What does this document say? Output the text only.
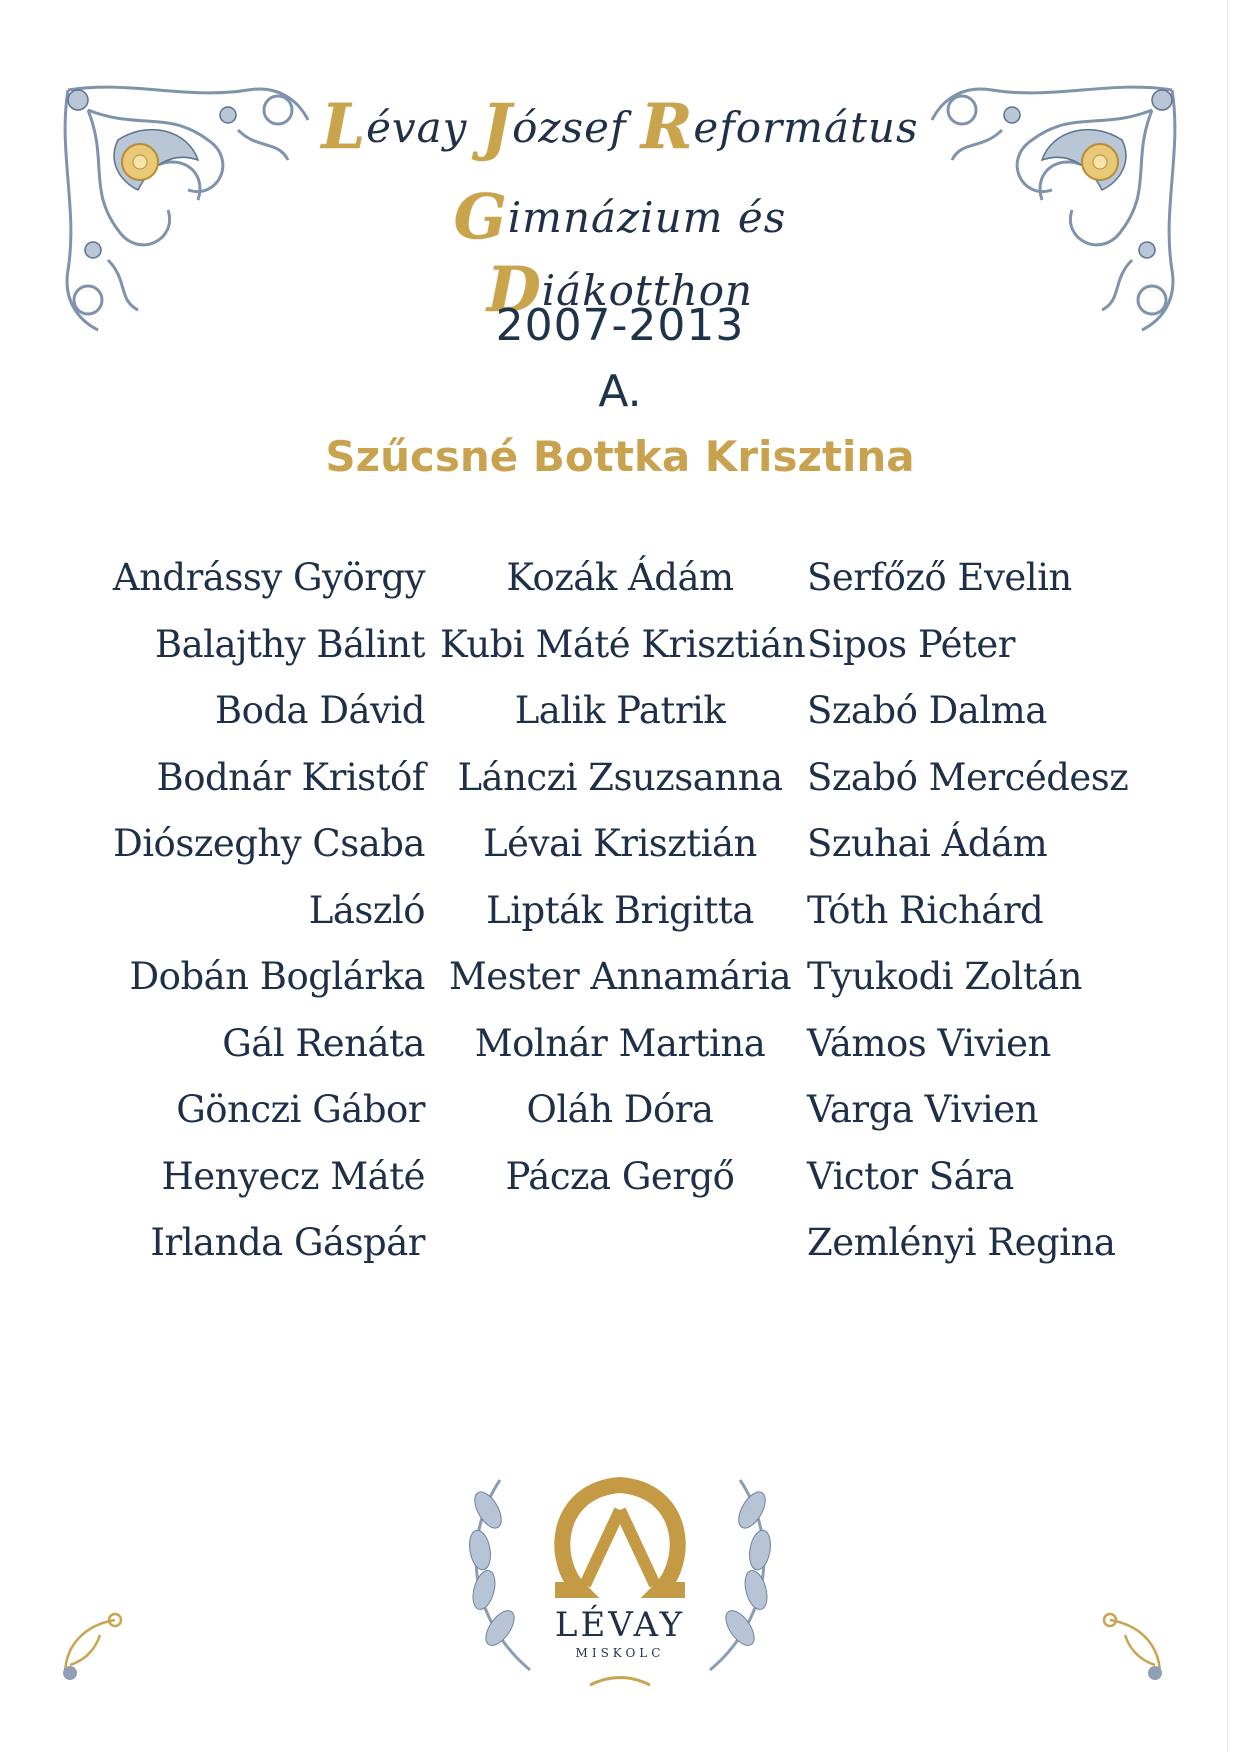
Lévay József Református
Gimnázium és Diákotthon
2007-2013
A.
Szűcsné Bottka Krisztina
Andrássy György
Balajthy Bálint
Boda Dávid
Bodnár Kristóf
Diószeghy Csaba
László
Dobán Boglárka
Gál Renáta
Gönczi Gábor
Henyecz Máté
Irlanda Gáspár
Kozák Ádám
Kubi Máté Krisztián
Lalik Patrik
Lánczi Zsuzsanna
Lévai Krisztián
Lipták Brigitta
Mester Annamária
Molnár Martina
Oláh Dóra
Pácza Gergő
Serfőző Evelin
Sipos Péter
Szabó Dalma
Szabó Mercédesz
Szuhai Ádám
Tóth Richárd
Tyukodi Zoltán
Vámos Vivien
Varga Vivien
Victor Sára
Zemlényi Regina
LÉVAY
MISKOLC
